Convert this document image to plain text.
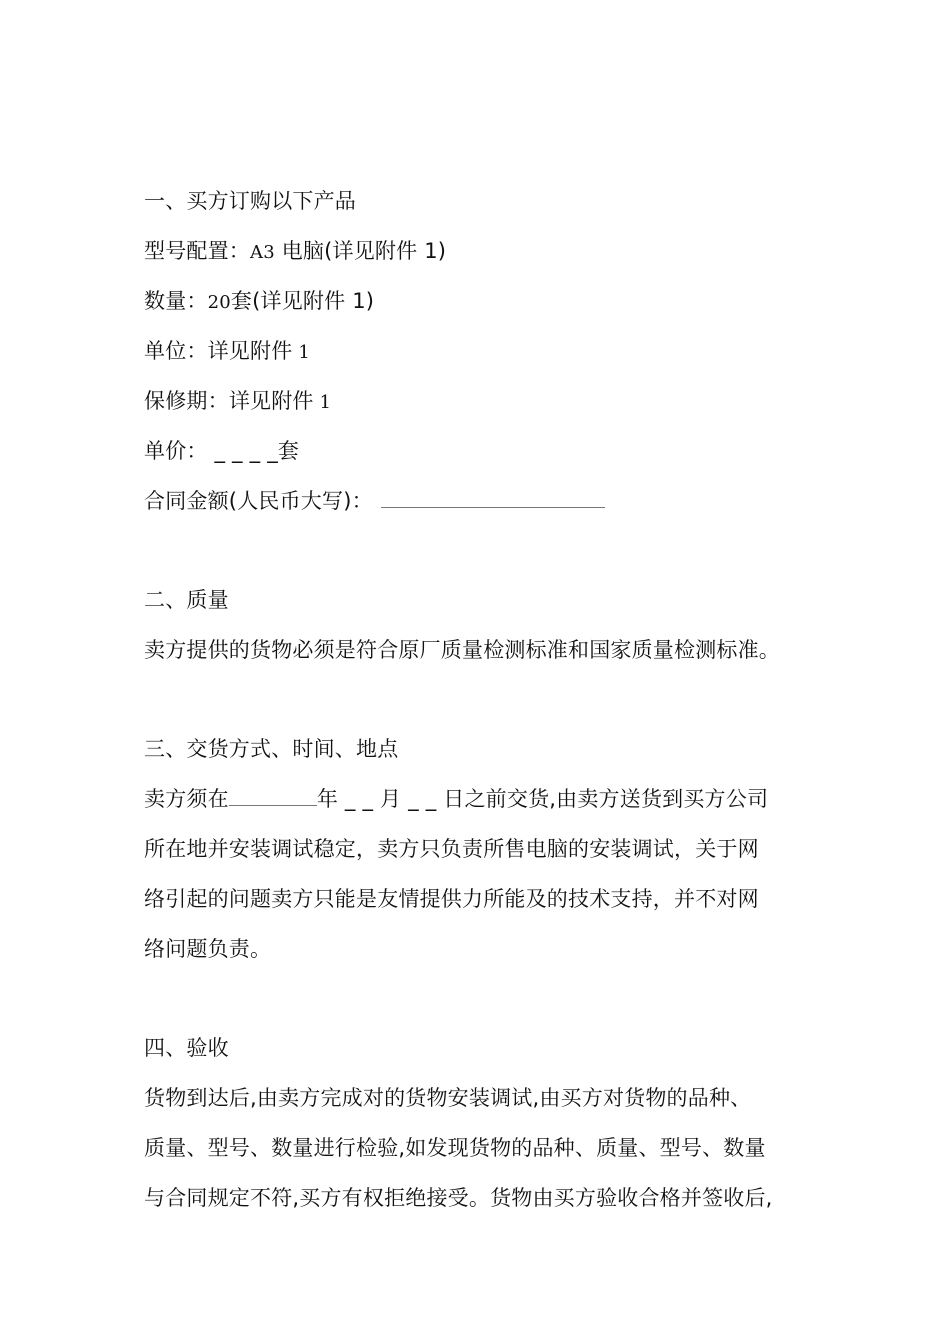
一、买方订购以下产品
型号配置：A3 电脑(详见附件 1)
数量：20套(详见附件 1)
单位：详见附件 1
保修期：详见附件 1
单价： _ _ _ _套
合同金额(人民币大写)：
二、质量
卖方提供的货物必须是符合原厂质量检测标准和国家质量检测标准。
三、交货方式、时间、地点
卖方须在	年 _ _ 月 _ _ 日之前交货,由卖方送货到买方公司
所在地并安装调试稳定，卖方只负责所售电脑的安装调试，关于网
络引起的问题卖方只能是友情提供力所能及的技术支持，并不对网
络问题负责。
四、验收
货物到达后,由卖方完成对的货物安装调试,由买方对货物的品种、
质量、型号、数量进行检验,如发现货物的品种、质量、型号、数量
与合同规定不符,买方有权拒绝接受。货物由买方验收合格并签收后,
